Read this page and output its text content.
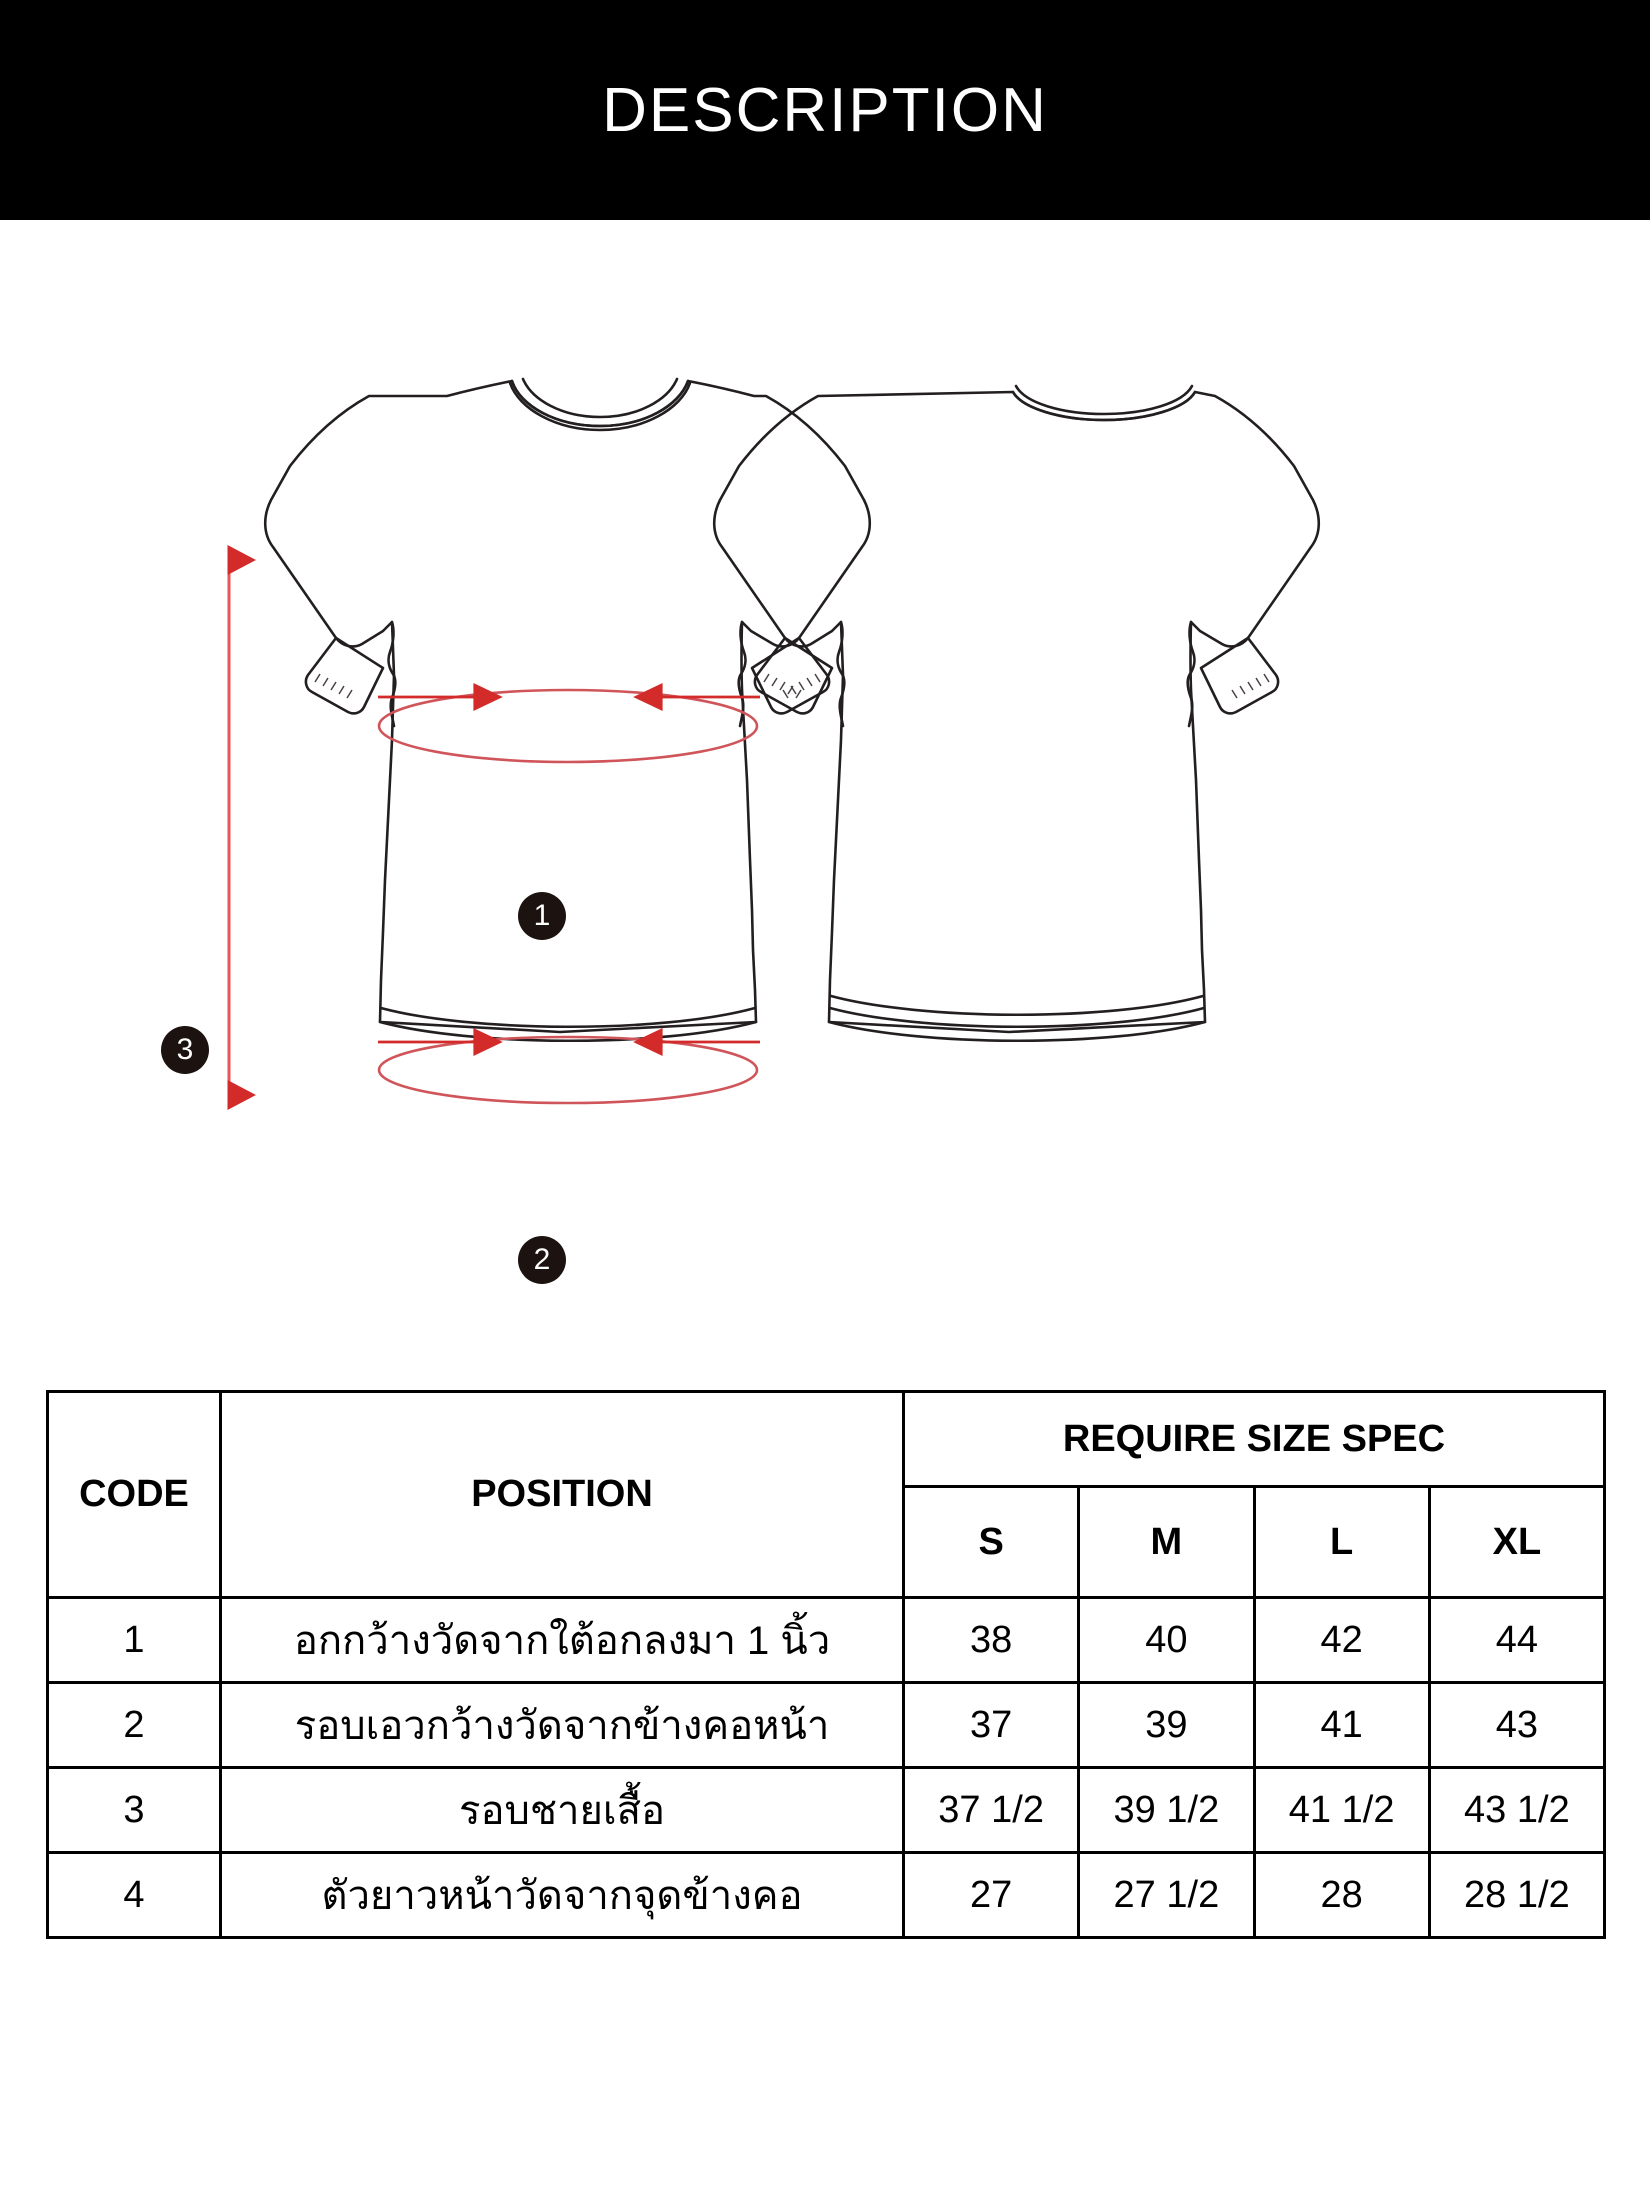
DESCRIPTION
1
2
3
CODE	POSITION	REQUIRE SIZE SPEC			
		S	M	L	XL
1	อกกว้างวัดจากใต้อกลงมา 1 นิ้ว	38	40	42	44
2	รอบเอวกว้างวัดจากข้างคอหน้า	37	39	41	43
3	รอบชายเสื้อ	37 1/2	39 1/2	41 1/2	43 1/2
4	ตัวยาวหน้าวัดจากจุดข้างคอ	27	27 1/2	28	28 1/2
